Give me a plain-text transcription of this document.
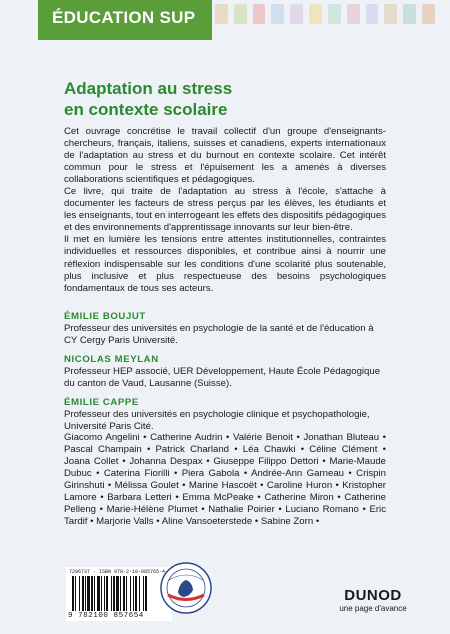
ÉDUCATION SUP
Adaptation au stress
en contexte scolaire

Cet ouvrage concrétise le travail collectif d'un groupe d'enseignants-chercheurs, français, italiens, suisses et canadiens, experts internationaux de l'adaptation au stress et du burnout en contexte scolaire. Cet intérêt commun pour le stress et l'épuisement les a amenés à diverses collaborations scientifiques et pédagogiques.

Ce livre, qui traite de l'adaptation au stress à l'école, s'attache à documenter les facteurs de stress perçus par les élèves, les étudiants et les enseignants, tout en interrogeant les effets des dispositifs pédagogiques et des environnements d'apprentissage innovants sur leur bien-être.

Il met en lumière les tensions entre attentes institutionnelles, contraintes individuelles et ressources disponibles, et contribue ainsi à nourrir une réflexion indispensable sur les conditions d'une scolarité plus soutenable, plus inclusive et plus respectueuse des besoins psychologiques fondamentaux de tous ses acteurs.

ÉMILIE BOUJUT
Professeur des universités en psychologie de la santé et de l'éducation à CY Cergy Paris Université.
NICOLAS MEYLAN
Professeur HEP associé, UER Développement, Haute École Pédagogique du canton de Vaud, Lausanne (Suisse).
ÉMILIE CAPPE
Professeur des universités en psychologie clinique et psychopathologie, Université Paris Cité.
Giacomo Angelini • Catherine Audrin • Valérie Benoit • Jonathan Bluteau • Pascal Champain • Patrick Charland • Léa Chawki • Céline Clément • Joana Collet • Johanna Despax • Giuseppe Filippo Dettori • Marie-Maude Dubuc • Caterina Fiorilli • Piera Gabola • Andrée-Ann Garneau • Crispin Girinshuti • Mélissa Goulet • Marine Hascoët • Caroline Huron • Kristopher Lamore • Barbara Letteri • Emma McPeake • Catherine Miron • Catherine Pelleng • Marie-Hélène Plumet • Nathalie Poirier • Luciano Romano • Eric Tardif • Marjorie Valls • Aline Vansoeterstede • Sabine Zorn •
7206737 · ISBN 978-2-10-085765-4
9 782100 857654
DUNOD
une page d'avance
